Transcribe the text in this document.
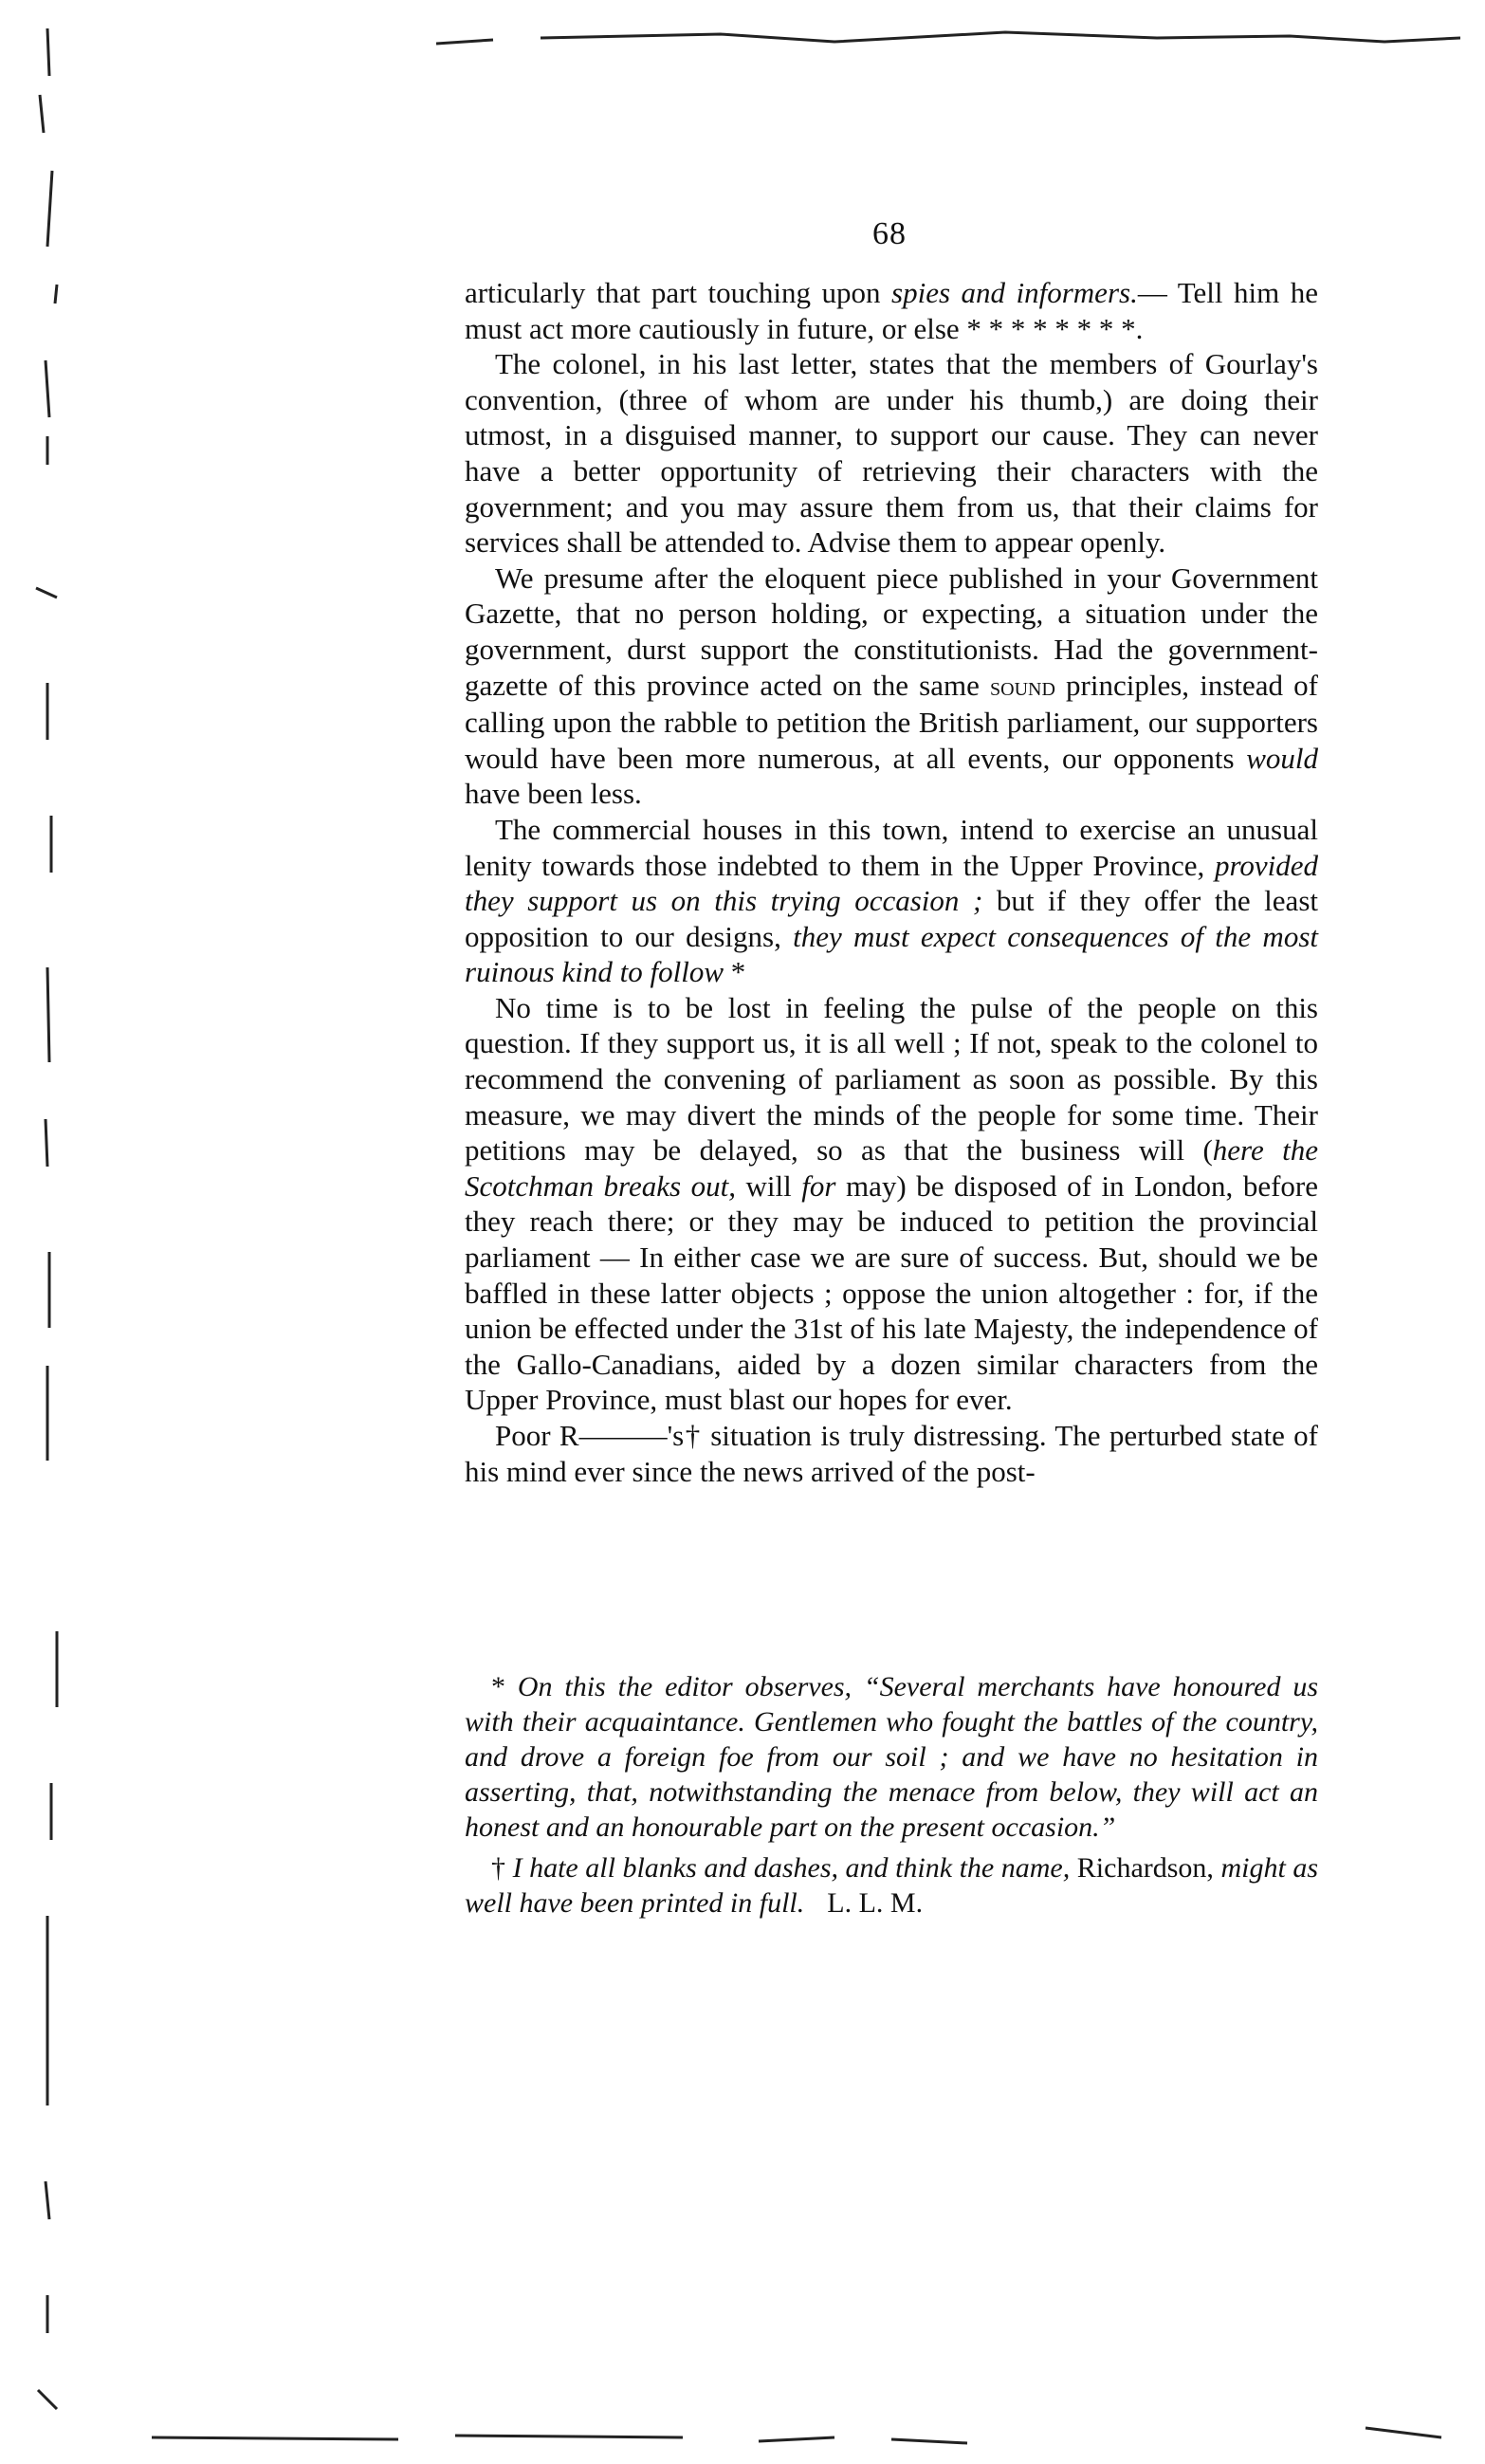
68

articularly that part touching upon spies and informers.— Tell him he must act more cautiously in future, or else * * * * * * * *.

The colonel, in his last letter, states that the members of Gourlay's convention, (three of whom are under his thumb,) are doing their utmost, in a disguised manner, to support our cause. They can never have a better opportunity of retrieving their characters with the government; and you may assure them from us, that their claims for services shall be attended to. Advise them to appear openly.

We presume after the eloquent piece published in your Government Gazette, that no person holding, or expecting, a situation under the government, durst support the constitutionists. Had the government-gazette of this province acted on the same sound principles, instead of calling upon the rabble to petition the British parliament, our supporters would have been more numerous, at all events, our opponents would have been less.

The commercial houses in this town, intend to exercise an unusual lenity towards those indebted to them in the Upper Province, provided they support us on this trying occasion ; but if they offer the least opposition to our designs, they must expect consequences of the most ruinous kind to follow *

No time is to be lost in feeling the pulse of the people on this question. If they support us, it is all well ; If not, speak to the colonel to recommend the convening of parliament as soon as possible. By this measure, we may divert the minds of the people for some time. Their petitions may be delayed, so as that the business will (here the Scotchman breaks out, will for may) be disposed of in London, before they reach there; or they may be induced to petition the provincial parliament — In either case we are sure of success. But, should we be baffled in these latter objects ; oppose the union altogether : for, if the union be effected under the 31st of his late Majesty, the independence of the Gallo-Canadians, aided by a dozen similar characters from the Upper Province, must blast our hopes for ever.

Poor R———'s† situation is truly distressing. The perturbed state of his mind ever since the news arrived of the post-

* On this the editor observes, “Several merchants have honoured us with their acquaintance. Gentlemen who fought the battles of the country, and drove a foreign foe from our soil ; and we have no hesitation in asserting, that, notwithstanding the menace from below, they will act an honest and an honourable part on the present occasion.”

† I hate all blanks and dashes, and think the name, Richardson, might as well have been printed in full. L. L. M.
